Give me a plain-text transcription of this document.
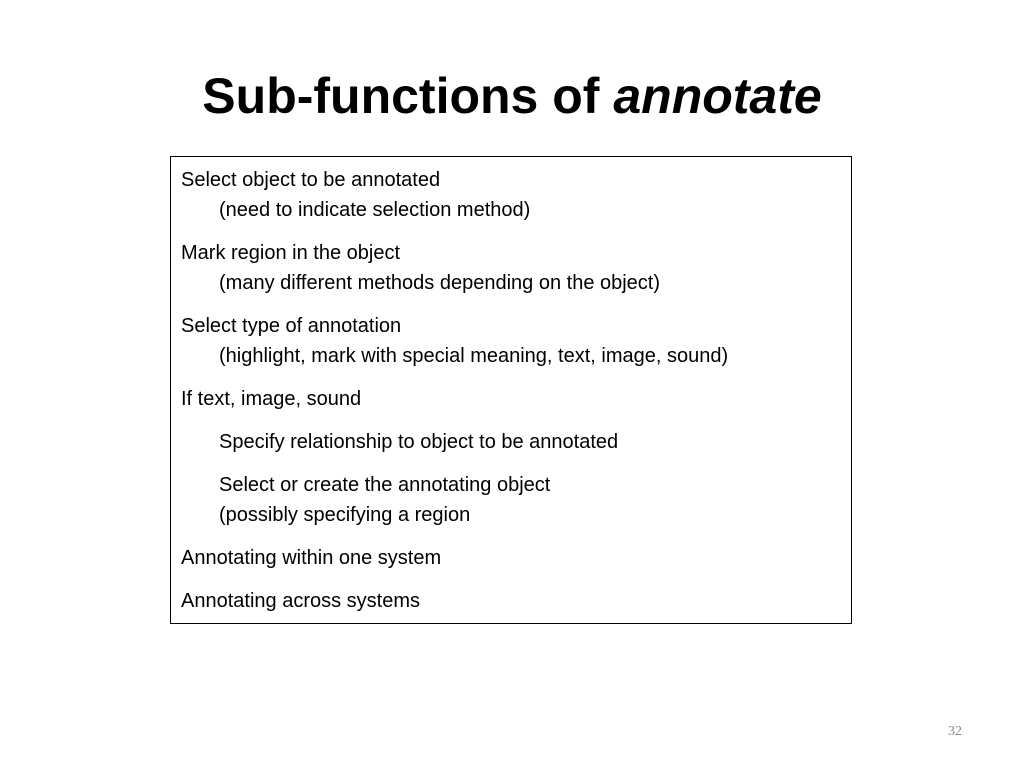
Sub-functions of annotate
Select object to be annotated
(need to indicate selection method)
Mark region in the object
(many different methods depending on the object)
Select type of annotation
(highlight, mark with special meaning, text, image, sound)
If text, image, sound
Specify relationship to object to be annotated
Select or create the annotating object
(possibly specifying a region
Annotating within one system
Annotating across systems
32
